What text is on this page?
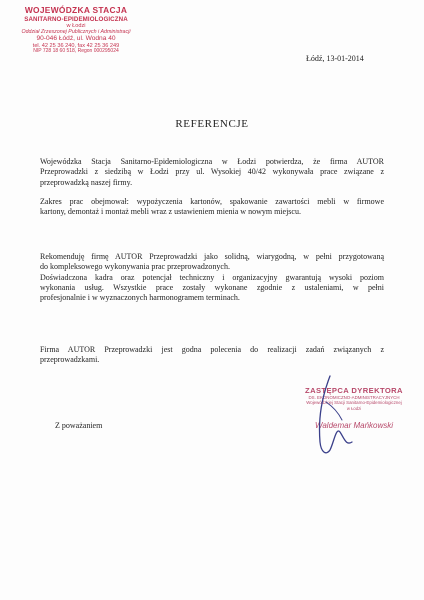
WOJEWÓDZKA STACJA
SANITARNO-EPIDEMIOLOGICZNA
w Łodzi
Oddział Zrzeszonej Publicznych i Administracji
90-046 Łódź, ul. Wodna 40
tel. 42 25 36 240, fax 42 25 36 249
NIP 728 18 60 518, Regon 000295024
Łódź, 13-01-2014
REFERENCJE
Wojewódzka Stacja Sanitarno-Epidemiologiczna w Łodzi potwierdza, że firma AUTOR
Przeprowadzki z siedzibą w Łodzi przy ul. Wysokiej 40/42 wykonywała prace związane z
przeprowadzką naszej firmy.
Zakres prac obejmował: wypożyczenia kartonów, spakowanie zawartości mebli w firmowe
kartony, demontaż i montaż mebli wraz z ustawieniem mienia w nowym miejscu.
Rekomenduję firmę AUTOR Przeprowadzki jako solidną, wiarygodną, w pełni przygotowaną
do kompleksowego wykonywania prac przeprowadzonych.
Doświadczona kadra oraz potencjał techniczny i organizacyjny gwarantują wysoki poziom
wykonania usług. Wszystkie prace zostały wykonane zgodnie z ustaleniami, w pełni
profesjonalnie i w wyznaczonych harmonogramem terminach.
Firma AUTOR Przeprowadzki jest godna polecenia do realizacji zadań związanych z
przeprowadzkami.
Z poważaniem
ZASTĘPCA DYREKTORA
DS. EKONOMICZNO-ADMINISTRACYJNYCH
Wojewódzkiej Stacji Sanitarno-Epidemiologicznej
w Łodzi
Waldemar Mańkowski
